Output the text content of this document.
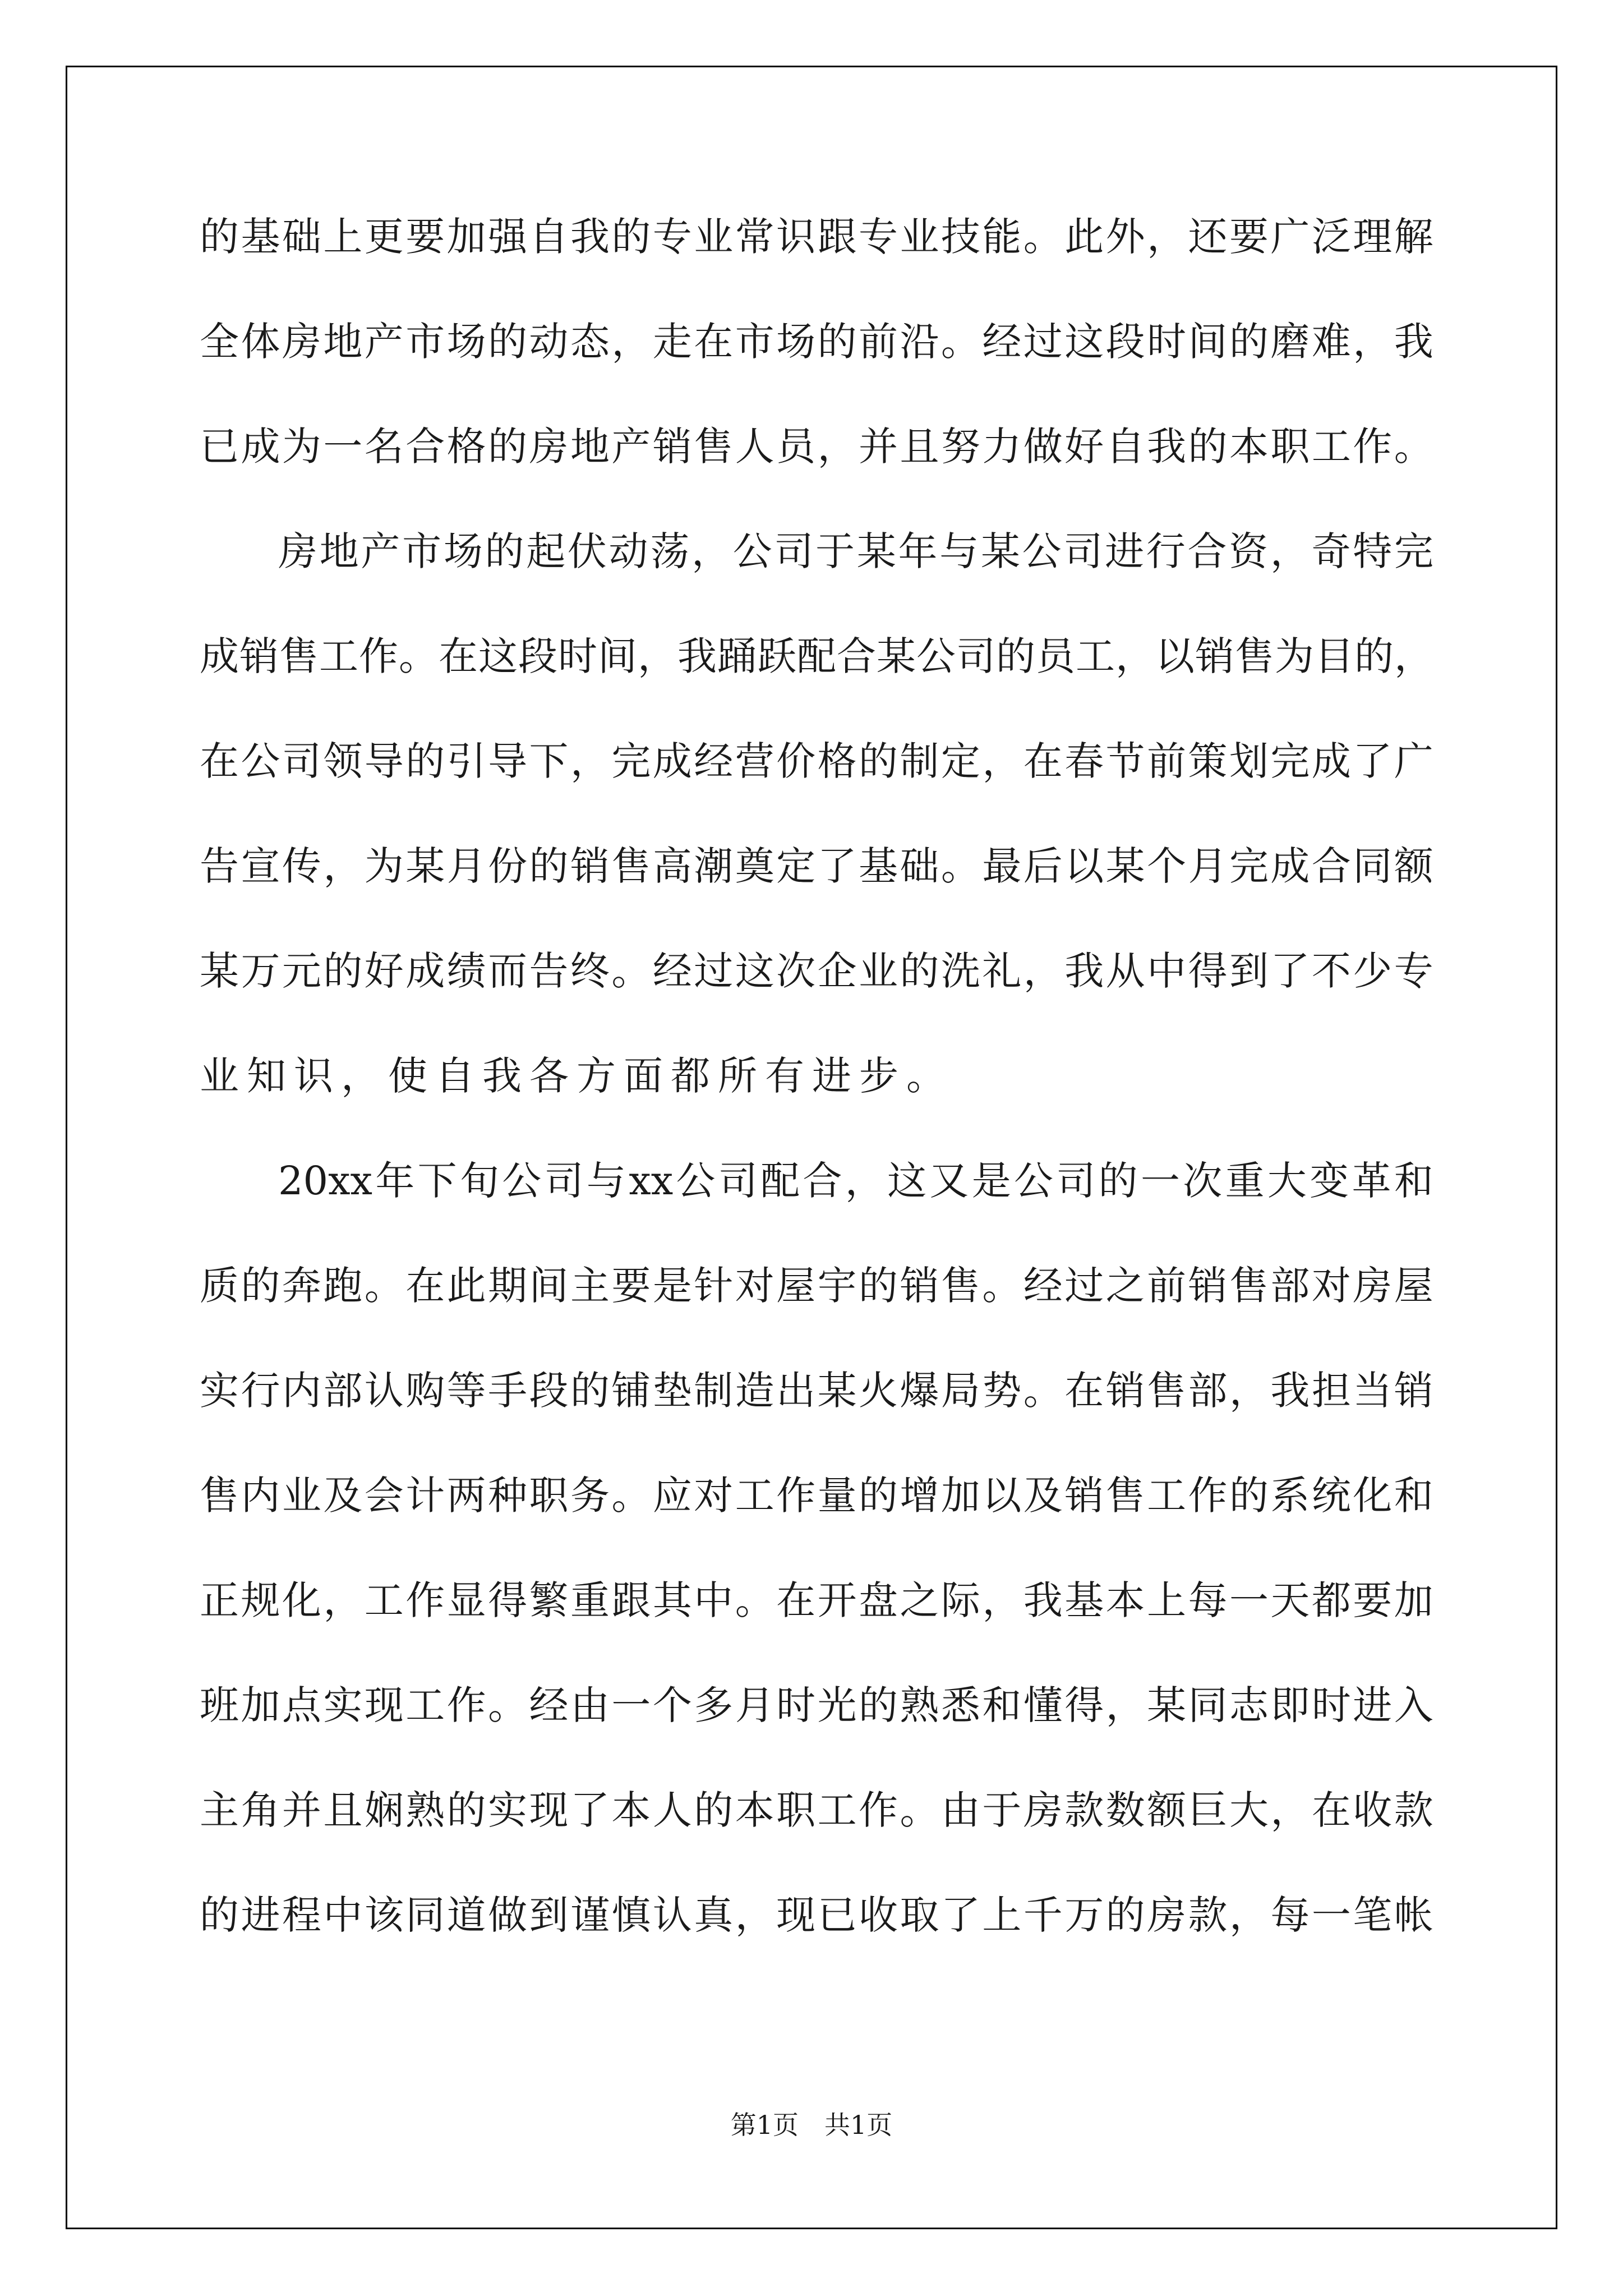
的 基 础 上 更 要 加 强 自 我 的 专 业 常 识 跟 专 业 技 能 。 此 外 ， 还 要 广 泛 理 解
全 体 房 地 产 市 场 的 动 态 ， 走 在 市 场 的 前 沿 。 经 过 这 段 时 间 的 磨 难 ， 我
已 成 为 一 名 合 格 的 房 地 产 销 售 人 员 ， 并 且 努 力 做 好 自 我 的 本 职 工 作 。
房 地 产 市 场 的 起 伏 动 荡 ， 公 司 于 某 年 与 某 公 司 进 行 合 资 ， 奇 特 完
成 销 售 工 作 。 在 这 段 时 间 ， 我 踊 跃 配 合 某 公 司 的 员 工 ， 以 销 售 为 目 的 ，
在 公 司 领 导 的 引 导 下 ， 完 成 经 营 价 格 的 制 定 ， 在 春 节 前 策 划 完 成 了 广
告 宣 传 ， 为 某 月 份 的 销 售 高 潮 奠 定 了 基 础 。 最 后 以 某 个 月 完 成 合 同 额
某 万 元 的 好 成 绩 而 告 终 。 经 过 这 次 企 业 的 洗 礼 ， 我 从 中 得 到 了 不 少 专
业知识，使自我各方面都所有进步。
20xx 年 下 旬 公 司 与 xx 公 司 配 合 ， 这 又 是 公 司 的 一 次 重 大 变 革 和
质 的 奔 跑 。 在 此 期 间 主 要 是 针 对 屋 宇 的 销 售 。 经 过 之 前 销 售 部 对 房 屋
实 行 内 部 认 购 等 手 段 的 铺 垫 制 造 出 某 火 爆 局 势 。 在 销 售 部 ， 我 担 当 销
售 内 业 及 会 计 两 种 职 务 。 应 对 工 作 量 的 增 加 以 及 销 售 工 作 的 系 统 化 和
正 规 化 ， 工 作 显 得 繁 重 跟 其 中 。 在 开 盘 之 际 ， 我 基 本 上 每 一 天 都 要 加
班 加 点 实 现 工 作 。 经 由 一 个 多 月 时 光 的 熟 悉 和 懂 得 ， 某 同 志 即 时 进 入
主 角 并 且 娴 熟 的 实 现 了 本 人 的 本 职 工 作 。 由 于 房 款 数 额 巨 大 ， 在 收 款
的 进 程 中 该 同 道 做 到 谨 慎 认 真 ， 现 已 收 取 了 上 千 万 的 房 款 ， 每 一 笔 帐
第1页 共1页
